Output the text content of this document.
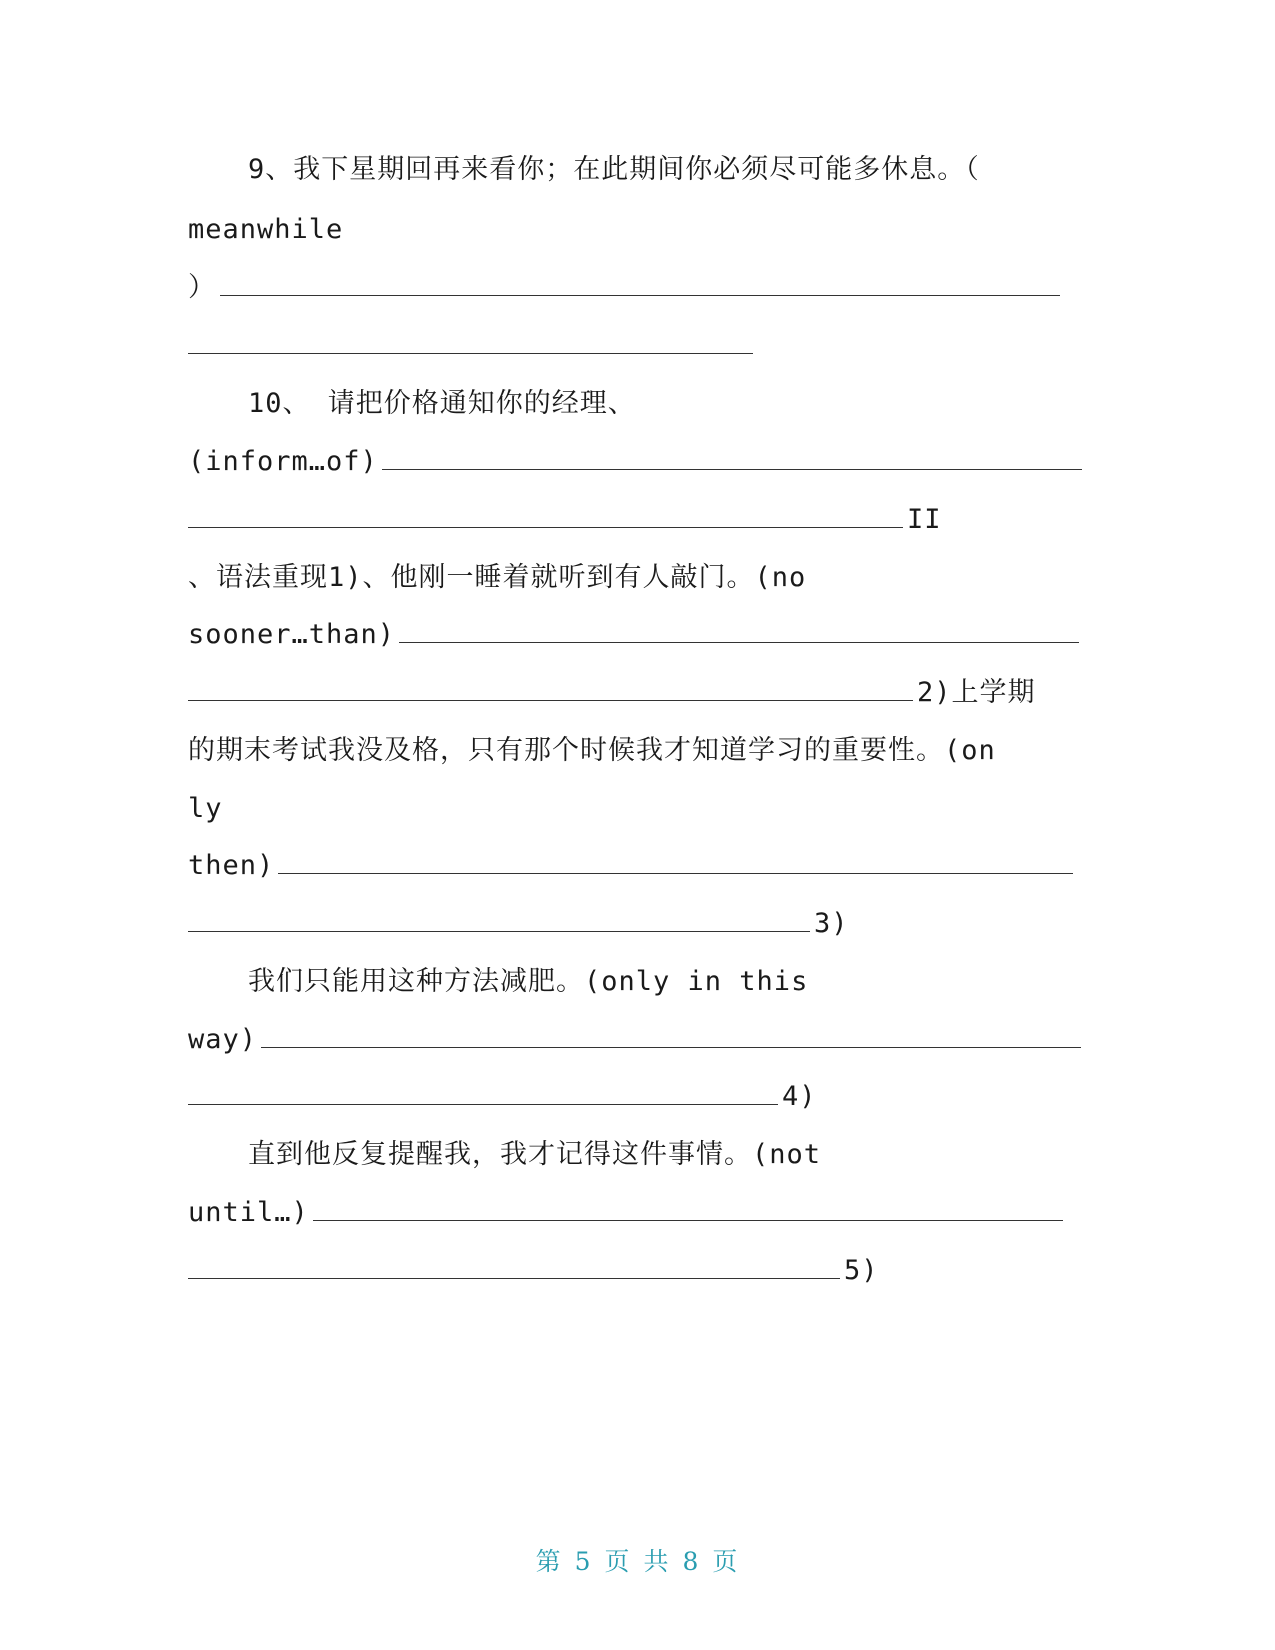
9、我下星期回再来看你；在此期间你必须尽可能多休息。（
meanwhile
）
10、 请把价格通知你的经理、
(inform…of)
II
、语法重现1)、他刚一睡着就听到有人敲门。(no
sooner…than)
2)上学期
的期末考试我没及格，只有那个时候我才知道学习的重要性。(on
ly
then)
3)
我们只能用这种方法减肥。(only in this
way)
4)
直到他反复提醒我，我才记得这件事情。(not
until…)
5)
第 5 页 共 8 页
